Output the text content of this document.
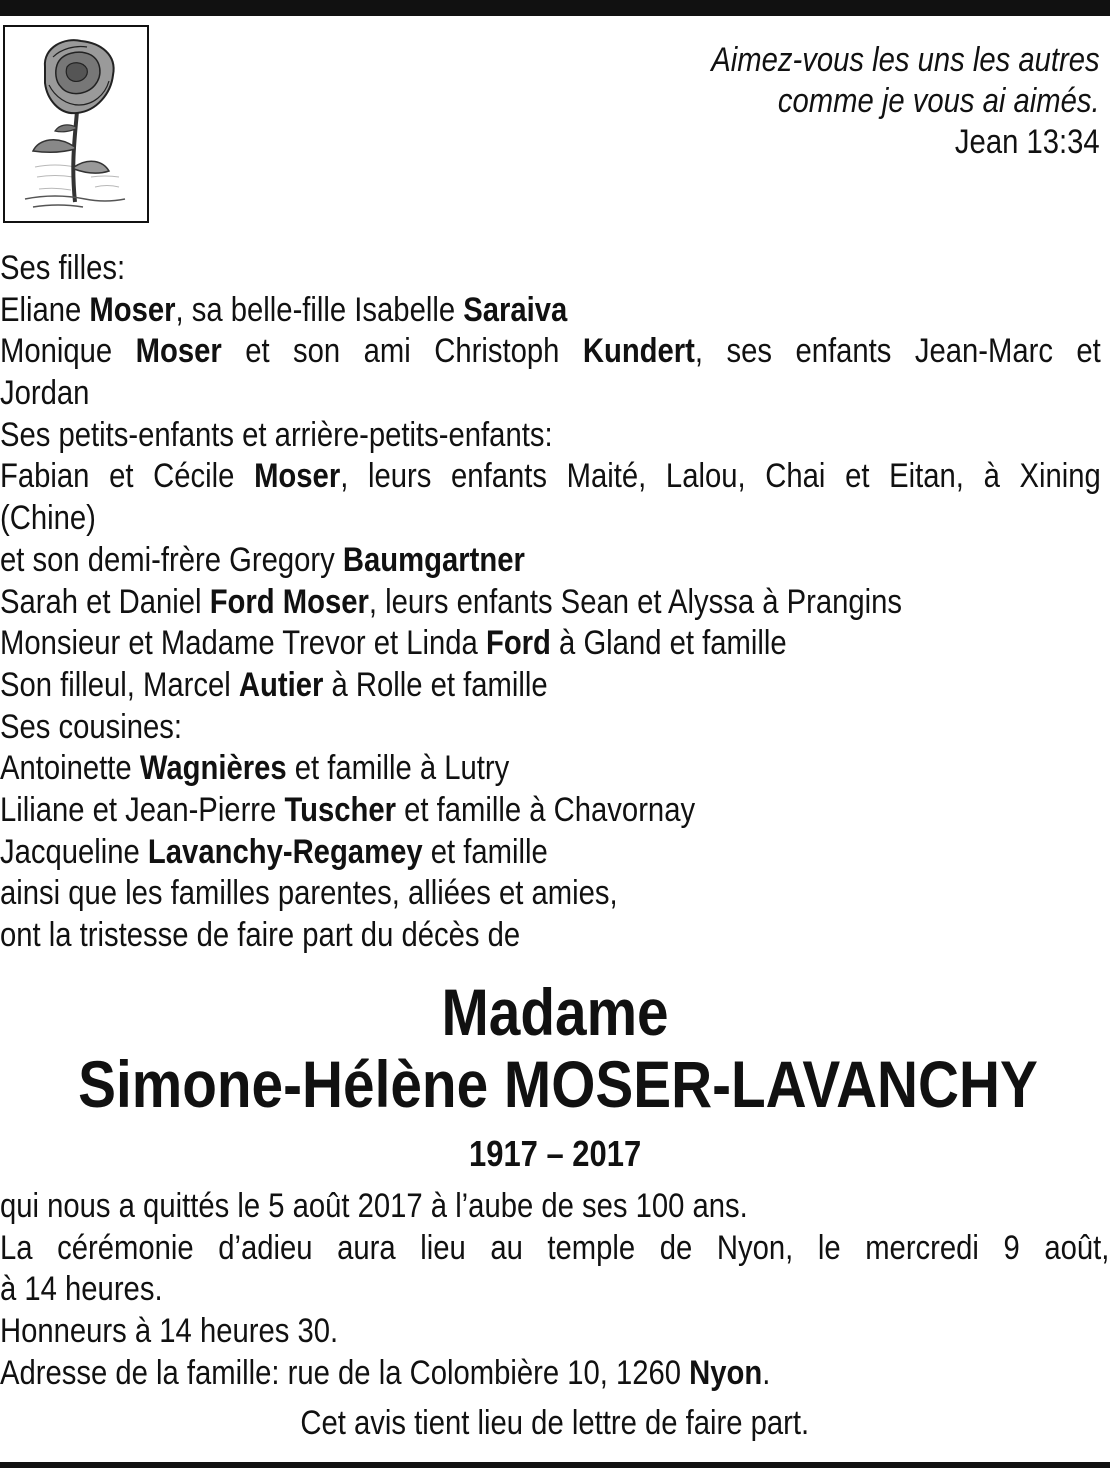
Aimez-vous les uns les autres
comme je vous ai aimés.
Jean 13:34
Ses filles:
Eliane Moser, sa belle-fille Isabelle Saraiva
Monique Moser et son ami Christoph Kundert, ses enfants Jean-Marc et
Jordan
Ses petits-enfants et arrière-petits-enfants:
Fabian et Cécile Moser, leurs enfants Maité, Lalou, Chai et Eitan, à Xining
(Chine)
et son demi-frère Gregory Baumgartner
Sarah et Daniel Ford Moser, leurs enfants Sean et Alyssa à Prangins
Monsieur et Madame Trevor et Linda Ford à Gland et famille
Son filleul, Marcel Autier à Rolle et famille
Ses cousines:
Antoinette Wagnières et famille à Lutry
Liliane et Jean-Pierre Tuscher et famille à Chavornay
Jacqueline Lavanchy-Regamey et famille
ainsi que les familles parentes, alliées et amies,
ont la tristesse de faire part du décès de
Madame
Simone-Hélène MOSER-LAVANCHY
1917 – 2017
qui nous a quittés le 5 août 2017 à l’aube de ses 100 ans.
La cérémonie d’adieu aura lieu au temple de Nyon, le mercredi 9 août,
à 14 heures.
Honneurs à 14 heures 30.
Adresse de la famille: rue de la Colombière 10, 1260 Nyon.
Cet avis tient lieu de lettre de faire part.
